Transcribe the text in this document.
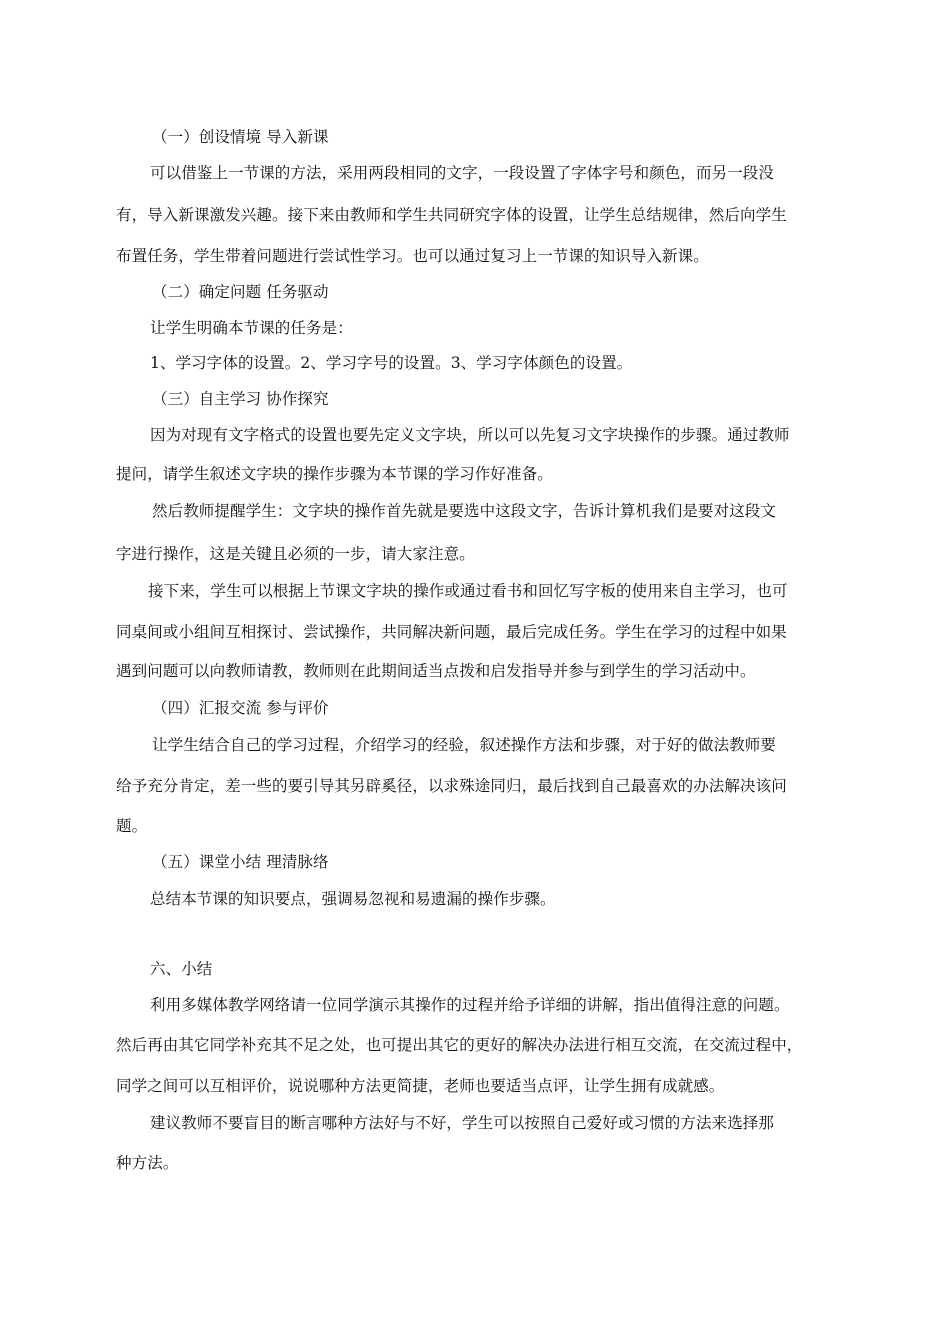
（一）创设情境 导入新课
可以借鉴上一节课的方法，采用两段相同的文字，一段设置了字体字号和颜色，而另一段没
有，导入新课激发兴趣。接下来由教师和学生共同研究字体的设置，让学生总结规律，然后向学生
布置任务，学生带着问题进行尝试性学习。也可以通过复习上一节课的知识导入新课。
（二）确定问题 任务驱动
让学生明确本节课的任务是：
1、学习字体的设置。2、学习字号的设置。3、学习字体颜色的设置。
（三）自主学习 协作探究
因为对现有文字格式的设置也要先定义文字块，所以可以先复习文字块操作的步骤。通过教师
提问，请学生叙述文字块的操作步骤为本节课的学习作好准备。
然后教师提醒学生：文字块的操作首先就是要选中这段文字，告诉计算机我们是要对这段文
字进行操作，这是关键且必须的一步，请大家注意。
接下来，学生可以根据上节课文字块的操作或通过看书和回忆写字板的使用来自主学习，也可
同桌间或小组间互相探讨、尝试操作，共同解决新问题，最后完成任务。学生在学习的过程中如果
遇到问题可以向教师请教，教师则在此期间适当点拨和启发指导并参与到学生的学习活动中。
（四）汇报交流 参与评价
让学生结合自己的学习过程，介绍学习的经验，叙述操作方法和步骤，对于好的做法教师要
给予充分肯定，差一些的要引导其另辟奚径，以求殊途同归，最后找到自己最喜欢的办法解决该问
题。
（五）课堂小结 理清脉络
总结本节课的知识要点，强调易忽视和易遗漏的操作步骤。
六、小结
利用多媒体教学网络请一位同学演示其操作的过程并给予详细的讲解，指出值得注意的问题。
然后再由其它同学补充其不足之处，也可提出其它的更好的解决办法进行相互交流，在交流过程中，
同学之间可以互相评价，说说哪种方法更简捷，老师也要适当点评，让学生拥有成就感。
建议教师不要盲目的断言哪种方法好与不好，学生可以按照自己爱好或习惯的方法来选择那
种方法。
